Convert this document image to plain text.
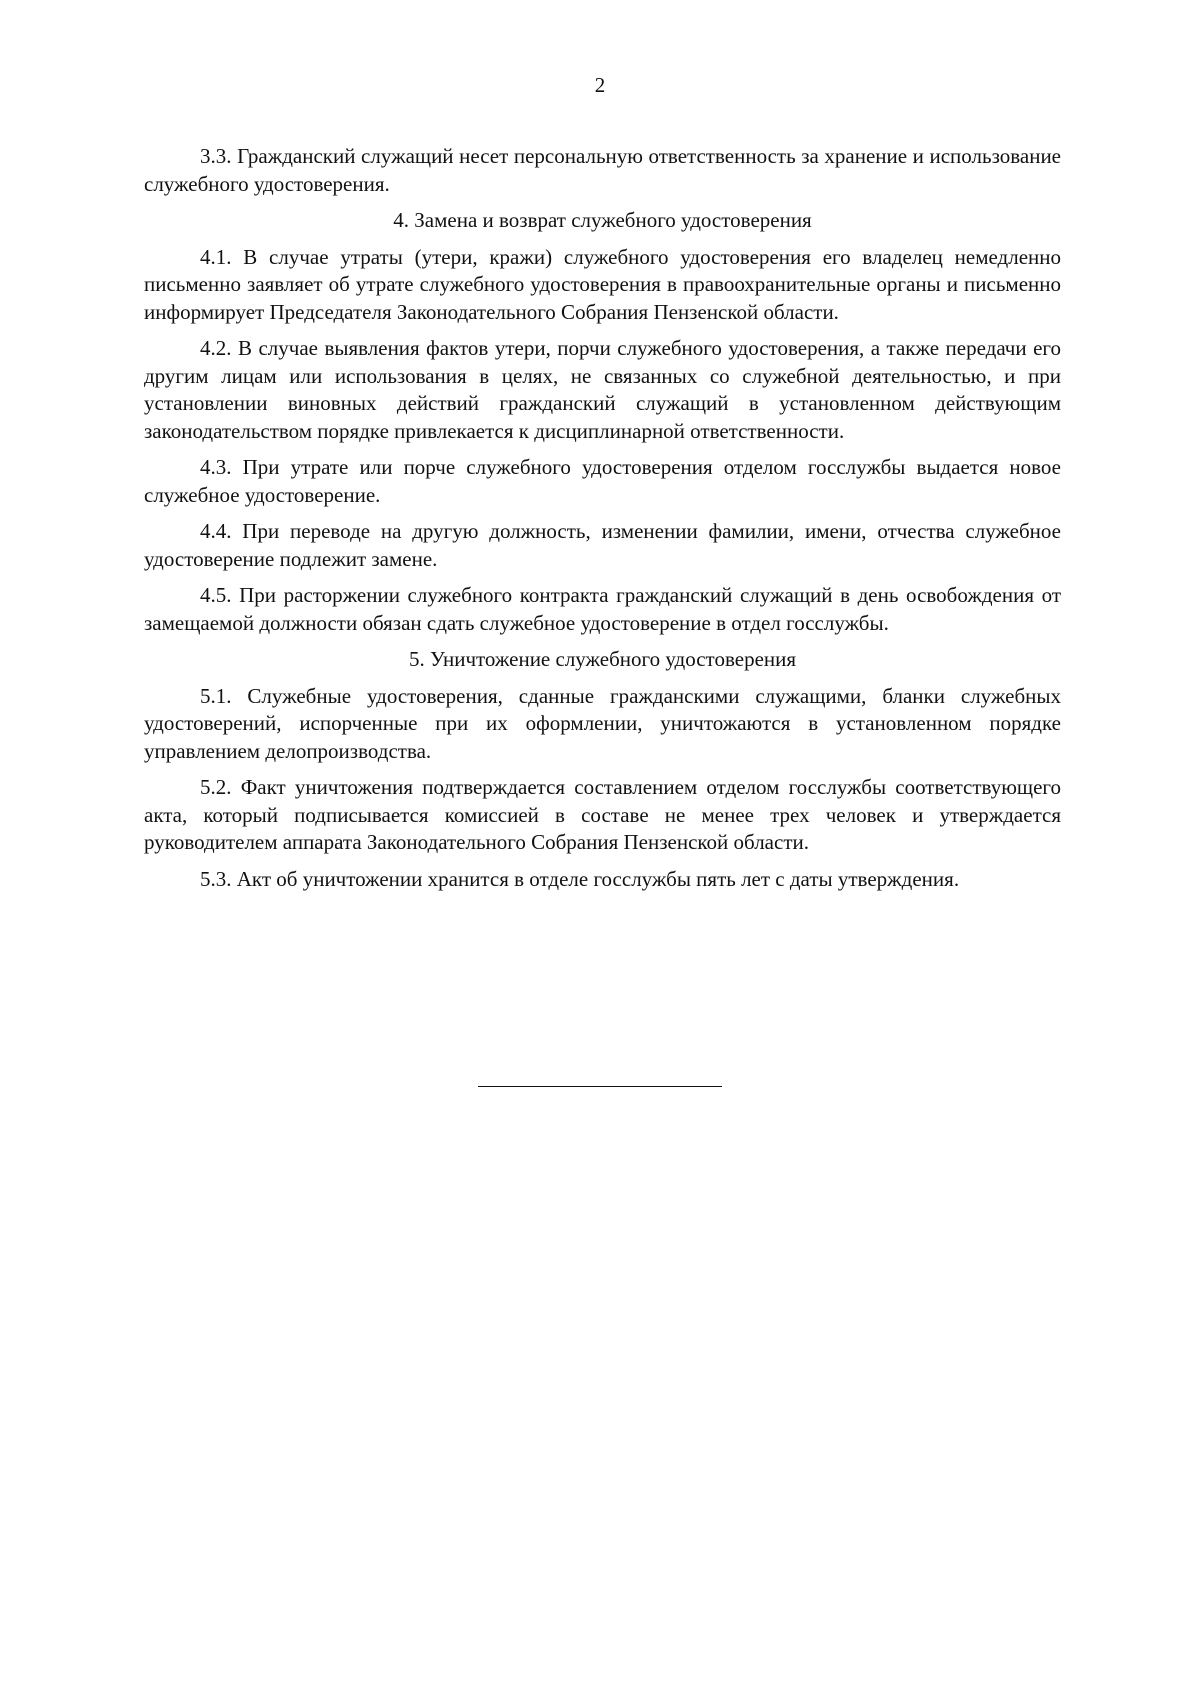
2

3.3. Гражданский служащий несет персональную ответственность за хранение и использование служебного удостоверения.

4. Замена и возврат служебного удостоверения

4.1. В случае утраты (утери, кражи) служебного удостоверения его владелец немедленно письменно заявляет об утрате служебного удостоверения в правоохранительные органы и письменно информирует Председателя Законодательного Собрания Пензенской области.

4.2. В случае выявления фактов утери, порчи служебного удостоверения, а также передачи его другим лицам или использования в целях, не связанных со служебной деятельностью, и при установлении виновных действий гражданский служащий в установленном действующим законодательством порядке привлекается к дисциплинарной ответственности.

4.3. При утрате или порче служебного удостоверения отделом госслужбы выдается новое служебное удостоверение.

4.4. При переводе на другую должность, изменении фамилии, имени, отчества служебное удостоверение подлежит замене.

4.5. При расторжении служебного контракта гражданский служащий в день освобождения от замещаемой должности обязан сдать служебное удостоверение в отдел госслужбы.

5. Уничтожение служебного удостоверения

5.1. Служебные удостоверения, сданные гражданскими служащими, бланки служебных удостоверений, испорченные при их оформлении, уничтожаются в установленном порядке управлением делопроизводства.

5.2. Факт уничтожения подтверждается составлением отделом госслужбы соответствующего акта, который подписывается комиссией в составе не менее трех человек и утверждается руководителем аппарата Законодательного Собрания Пензенской области.

5.3. Акт об уничтожении хранится в отделе госслужбы пять лет с даты утверждения.
